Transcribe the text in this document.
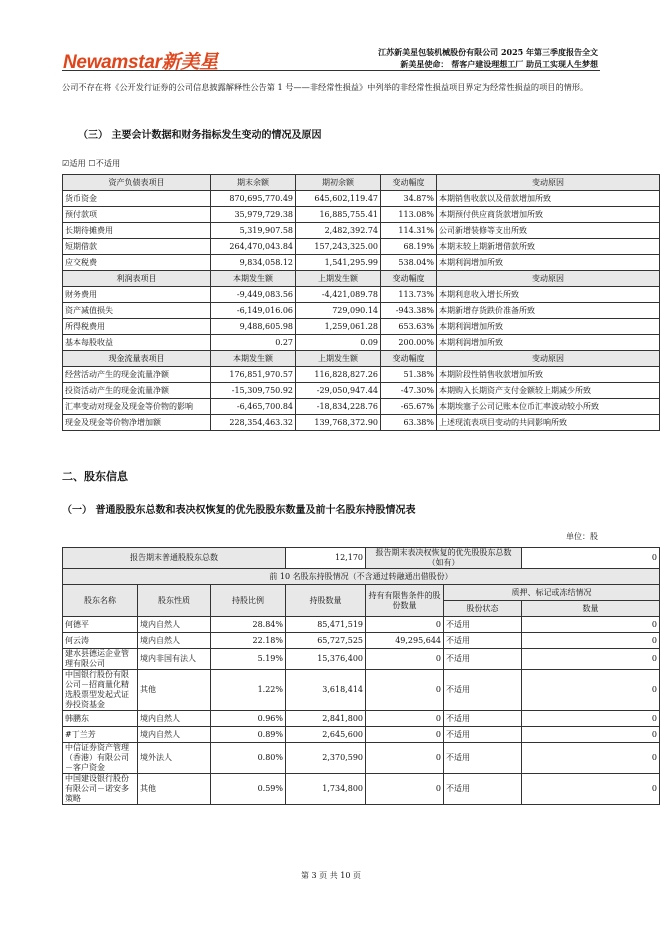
Newamstar新美星	江苏新美星包装机械股份有限公司 2025 年第三季度报告全文
新美星使命： 帮客户建设理想工厂 助员工实现人生梦想
公司不存在将《公开发行证券的公司信息披露解释性公告第 1 号——非经常性损益》中列举的非经常性损益项目界定为经常性损益的项目的情形。
（三） 主要会计数据和财务指标发生变动的情况及原因
☑适用 ☐不适用
资产负债表项目	期末余额	期初余额	变动幅度	变动原因
货币资金	870,695,770.49	645,602,119.47	34.87%	本期销售收款以及借款增加所致
预付款项	35,979,729.38	16,885,755.41	113.08%	本期预付供应商货款增加所致
长期待摊费用	5,319,907.58	2,482,392.74	114.31%	公司新增装修等支出所致
短期借款	264,470,043.84	157,243,325.00	68.19%	本期末较上期新增借款所致
应交税费	9,834,058.12	1,541,295.99	538.04%	本期利润增加所致
利润表项目	本期发生额	上期发生额	变动幅度	变动原因
财务费用	-9,449,083.56	-4,421,089.78	113.73%	本期利息收入增长所致
资产减值损失	-6,149,016.06	729,090.14	-943.38%	本期新增存货跌价准备所致
所得税费用	9,488,605.98	1,259,061.28	653.63%	本期利润增加所致
基本每股收益	0.27	0.09	200.00%	本期利润增加所致
现金流量表项目	本期发生额	上期发生额	变动幅度	变动原因
经营活动产生的现金流量净额	176,851,970.57	116,828,827.26	51.38%	本期阶段性销售收款增加所致
投资活动产生的现金流量净额	-15,309,750.92	-29,050,947.44	-47.30%	本期购入长期资产支付金额较上期减少所致
汇率变动对现金及现金等价物的影响	-6,465,700.84	-18,834,228.76	-65.67%	本期埃塞子公司记账本位币汇率波动较小所致
现金及现金等价物净增加额	228,354,463.32	139,768,372.90	63.38%	上述现流表项目变动的共同影响所致
二、股东信息
（一） 普通股股东总数和表决权恢复的优先股股东数量及前十名股东持股情况表
单位：股
报告期末普通股股东总数			12,170	报告期末表决权恢复的优先股股东总数（如有）		0
前 10 名股东持股情况（不含通过转融通出借股份）						
股东名称	股东性质	持股比例	持股数量	持有有限售条件的股份数量	质押、标记或冻结情况	
					股份状态	数量
何德平	境内自然人	28.84%	85,471,519	0	不适用	0
何云涛	境内自然人	22.18%	65,727,525	49,295,644	不适用	0
建水县德运企业管理有限公司	境内非国有法人	5.19%	15,376,400	0	不适用	0
中国银行股份有限公司－招商量化精选股票型发起式证券投资基金	其他	1.22%	3,618,414	0	不适用	0
韩鹏东	境内自然人	0.96%	2,841,800	0	不适用	0
#丁兰芳	境内自然人	0.89%	2,645,600	0	不适用	0
中信证券资产管理（香港）有限公司－客户资金	境外法人	0.80%	2,370,590	0	不适用	0
中国建设银行股份有限公司－诺安多策略	其他	0.59%	1,734,800	0	不适用	0
第 3 页 共 10 页
